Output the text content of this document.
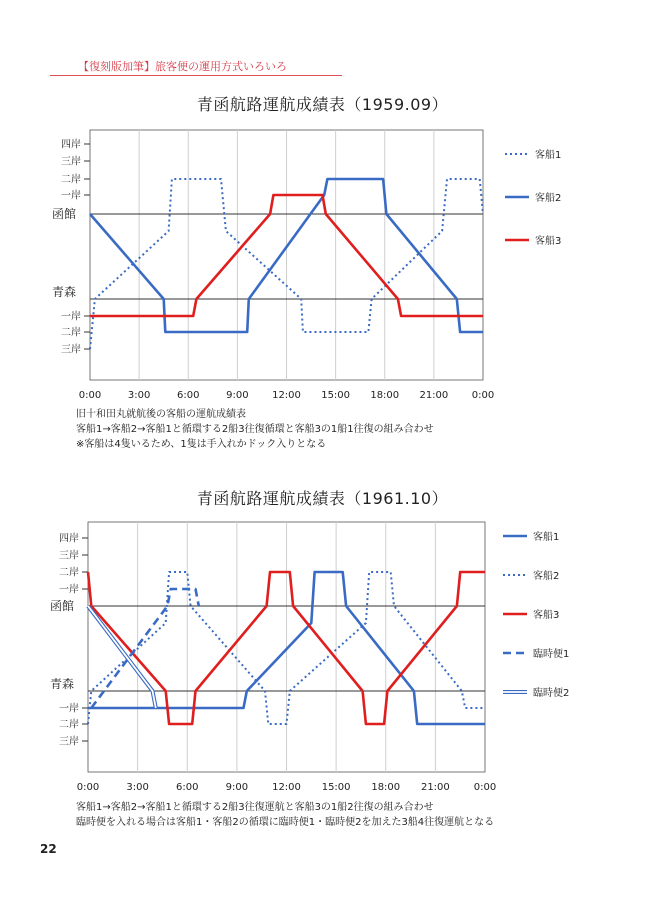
【復刻版加筆】旅客便の運用方式いろいろ
青函航路運航成績表（1959.09）
0:00	3:00	6:00	9:00 12:00 15:00 18:00 21:00 0:00
四岸
三岸
二岸
一岸
函館
青森
一岸
二岸
三岸
客船1
客船2
客船3
旧十和田丸就航後の客船の運航成績表
客船1→客船2→客船1と循環する2船3往復循環と客船3の1船1往復の組み合わせ
※客船は4隻いるため、1隻は手入れかドック入りとなる
青函航路運航成績表（1961.10）
0:00	3:00	6:00	9:00 12:00 15:00 18:00 21:00 0:00
四岸
三岸
二岸
一岸
函館
青森
一岸
二岸
三岸
客船1
客船2
客船3
臨時便1
臨時便2
客船1→客船2→客船1と循環する2船3往復運航と客船3の1船2往復の組み合わせ
臨時便を入れる場合は客船1・客船2の循環に臨時便1・臨時便2を加えた3船4往復運航となる
22
